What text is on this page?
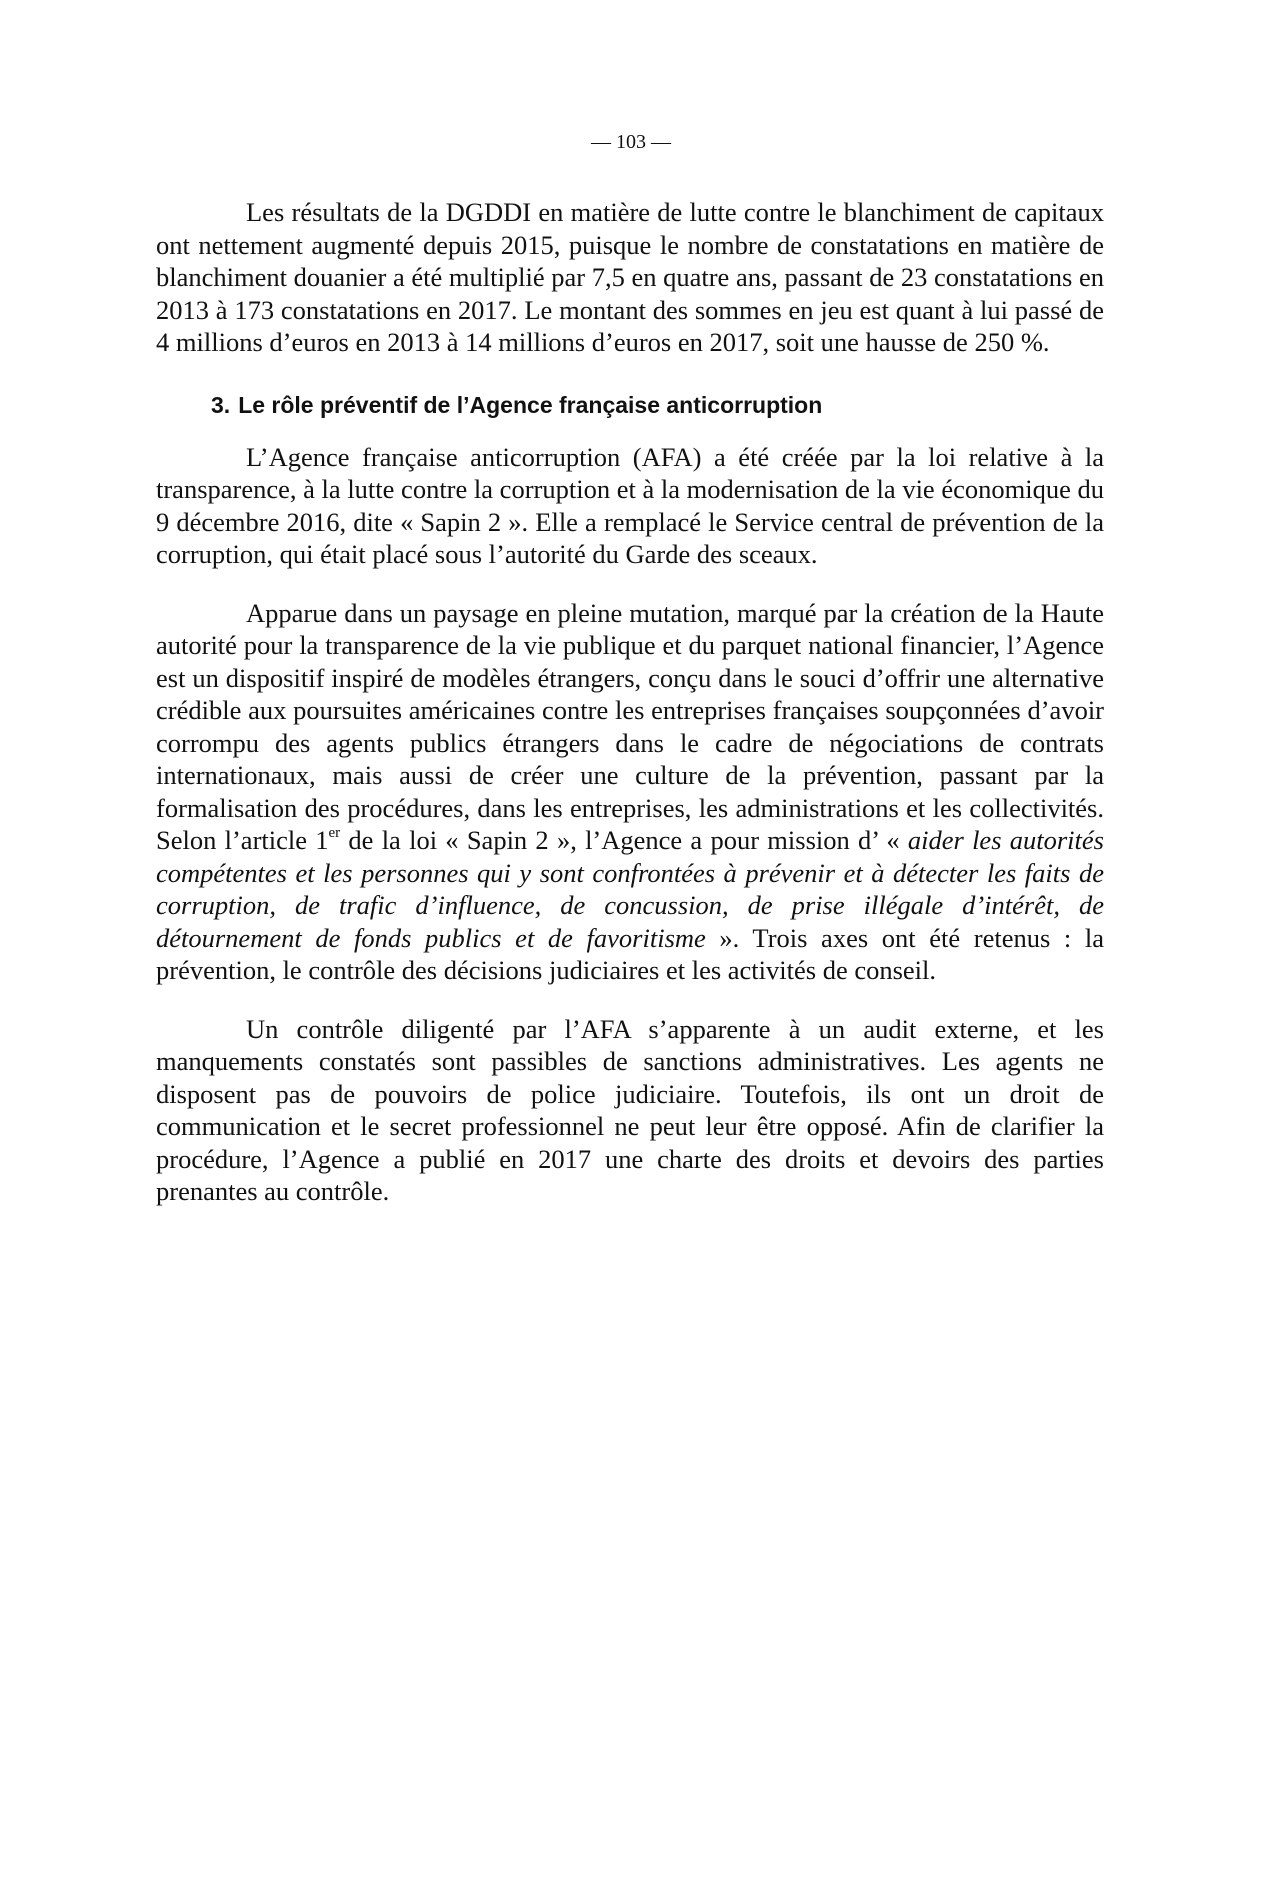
— 103 —

Les résultats de la DGDDI en matière de lutte contre le blanchiment de capitaux ont nettement augmenté depuis 2015, puisque le nombre de constatations en matière de blanchiment douanier a été multiplié par 7,5 en quatre ans, passant de 23 constatations en 2013 à 173 constatations en 2017. Le montant des sommes en jeu est quant à lui passé de 4 millions d’euros en 2013 à 14 millions d’euros en 2017, soit une hausse de 250 %.

3. Le rôle préventif de l’Agence française anticorruption

L’Agence française anticorruption (AFA) a été créée par la loi relative à la transparence, à la lutte contre la corruption et à la modernisation de la vie économique du 9 décembre 2016, dite « Sapin 2 ». Elle a remplacé le Service central de prévention de la corruption, qui était placé sous l’autorité du Garde des sceaux.

Apparue dans un paysage en pleine mutation, marqué par la création de la Haute autorité pour la transparence de la vie publique et du parquet national financier, l’Agence est un dispositif inspiré de modèles étrangers, conçu dans le souci d’offrir une alternative crédible aux poursuites américaines contre les entreprises françaises soupçonnées d’avoir corrompu des agents publics étrangers dans le cadre de négociations de contrats internationaux, mais aussi de créer une culture de la prévention, passant par la formalisation des procédures, dans les entreprises, les administrations et les collectivités. Selon l’article 1er de la loi « Sapin 2 », l’Agence a pour mission d’ « aider les autorités compétentes et les personnes qui y sont confrontées à prévenir et à détecter les faits de corruption, de trafic d’influence, de concussion, de prise illégale d’intérêt, de détournement de fonds publics et de favoritisme ». Trois axes ont été retenus : la prévention, le contrôle des décisions judiciaires et les activités de conseil.

Un contrôle diligenté par l’AFA s’apparente à un audit externe, et les manquements constatés sont passibles de sanctions administratives. Les agents ne disposent pas de pouvoirs de police judiciaire. Toutefois, ils ont un droit de communication et le secret professionnel ne peut leur être opposé. Afin de clarifier la procédure, l’Agence a publié en 2017 une charte des droits et devoirs des parties prenantes au contrôle.
